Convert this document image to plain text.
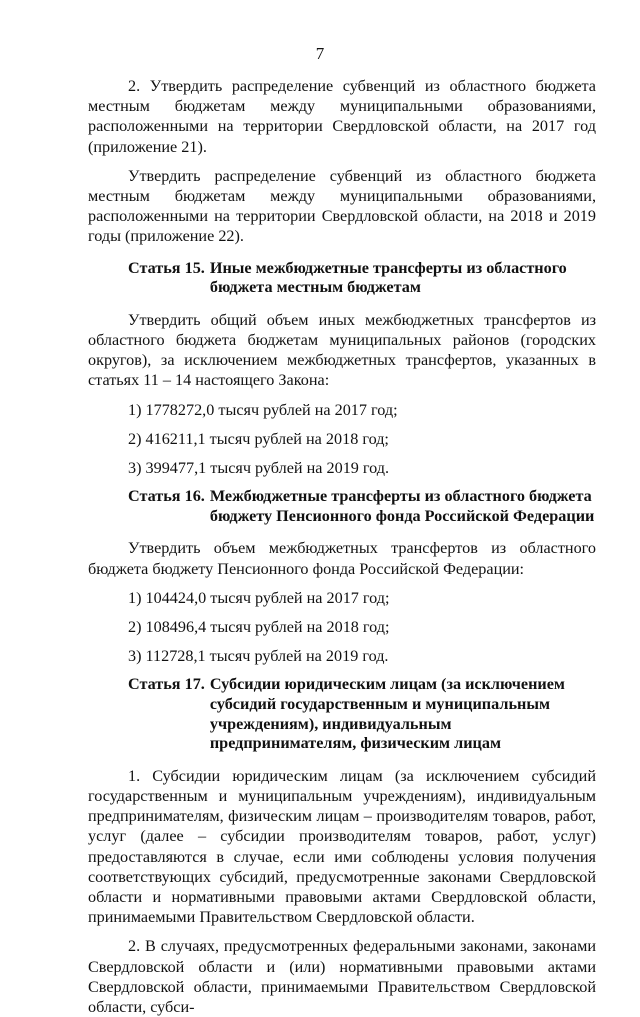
7

2. Утвердить распределение субвенций из областного бюджета местным бюджетам между муниципальными образованиями, расположенными на территории Свердловской области, на 2017 год (приложение 21).

Утвердить распределение субвенций из областного бюджета местным бюджетам между муниципальными образованиями, расположенными на территории Свердловской области, на 2018 и 2019 годы (приложение 22).

Статья 15. Иные межбюджетные трансферты из областного бюджета местным бюджетам

Утвердить общий объем иных межбюджетных трансфертов из областного бюджета бюджетам муниципальных районов (городских округов), за исключением межбюджетных трансфертов, указанных в статьях 11 – 14 настоящего Закона:

1) 1778272,0 тысяч рублей на 2017 год;

2) 416211,1 тысяч рублей на 2018 год;

3) 399477,1 тысяч рублей на 2019 год.

Статья 16. Межбюджетные трансферты из областного бюджета бюджету Пенсионного фонда Российской Федерации

Утвердить объем межбюджетных трансфертов из областного бюджета бюджету Пенсионного фонда Российской Федерации:

1) 104424,0 тысяч рублей на 2017 год;

2) 108496,4 тысяч рублей на 2018 год;

3) 112728,1 тысяч рублей на 2019 год.

Статья 17. Субсидии юридическим лицам (за исключением субсидий государственным и муниципальным учреждениям), индивидуальным предпринимателям, физическим лицам

1. Субсидии юридическим лицам (за исключением субсидий государственным и муниципальным учреждениям), индивидуальным предпринимателям, физическим лицам – производителям товаров, работ, услуг (далее – субсидии производителям товаров, работ, услуг) предоставляются в случае, если ими соблюдены условия получения соответствующих субсидий, предусмотренные законами Свердловской области и нормативными правовыми актами Свердловской области, принимаемыми Правительством Свердловской области.

2. В случаях, предусмотренных федеральными законами, законами Свердловской области и (или) нормативными правовыми актами Свердловской области, принимаемыми Правительством Свердловской области, субси-
